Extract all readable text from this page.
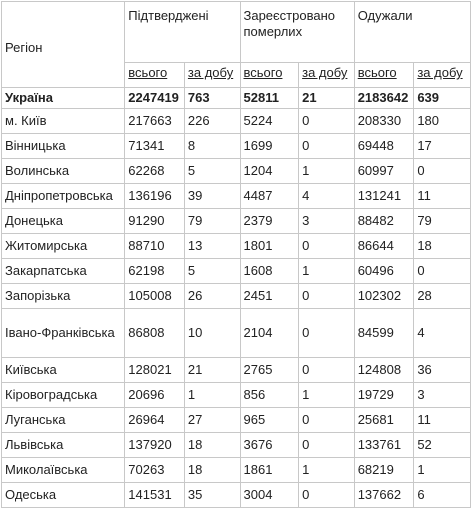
Регіон	Підтверджені		Зареєстровано померлих		Одужали	
	всього	за добу	всього	за добу	всього	за добу
Україна	2247419	763	52811	21	2183642	639
м. Київ	217663	226	5224	0	208330	180
Вінницька	71341	8	1699	0	69448	17
Волинська	62268	5	1204	1	60997	0
Дніпропетровська	136196	39	4487	4	131241	11
Донецька	91290	79	2379	3	88482	79
Житомирська	88710	13	1801	0	86644	18
Закарпатська	62198	5	1608	1	60496	0
Запорізька	105008	26	2451	0	102302	28
Івано-Франківська	86808	10	2104	0	84599	4
Київська	128021	21	2765	0	124808	36
Кіровоградська	20696	1	856	1	19729	3
Луганська	26964	27	965	0	25681	11
Львівська	137920	18	3676	0	133761	52
Миколаївська	70263	18	1861	1	68219	1
Одеська	141531	35	3004	0	137662	6
